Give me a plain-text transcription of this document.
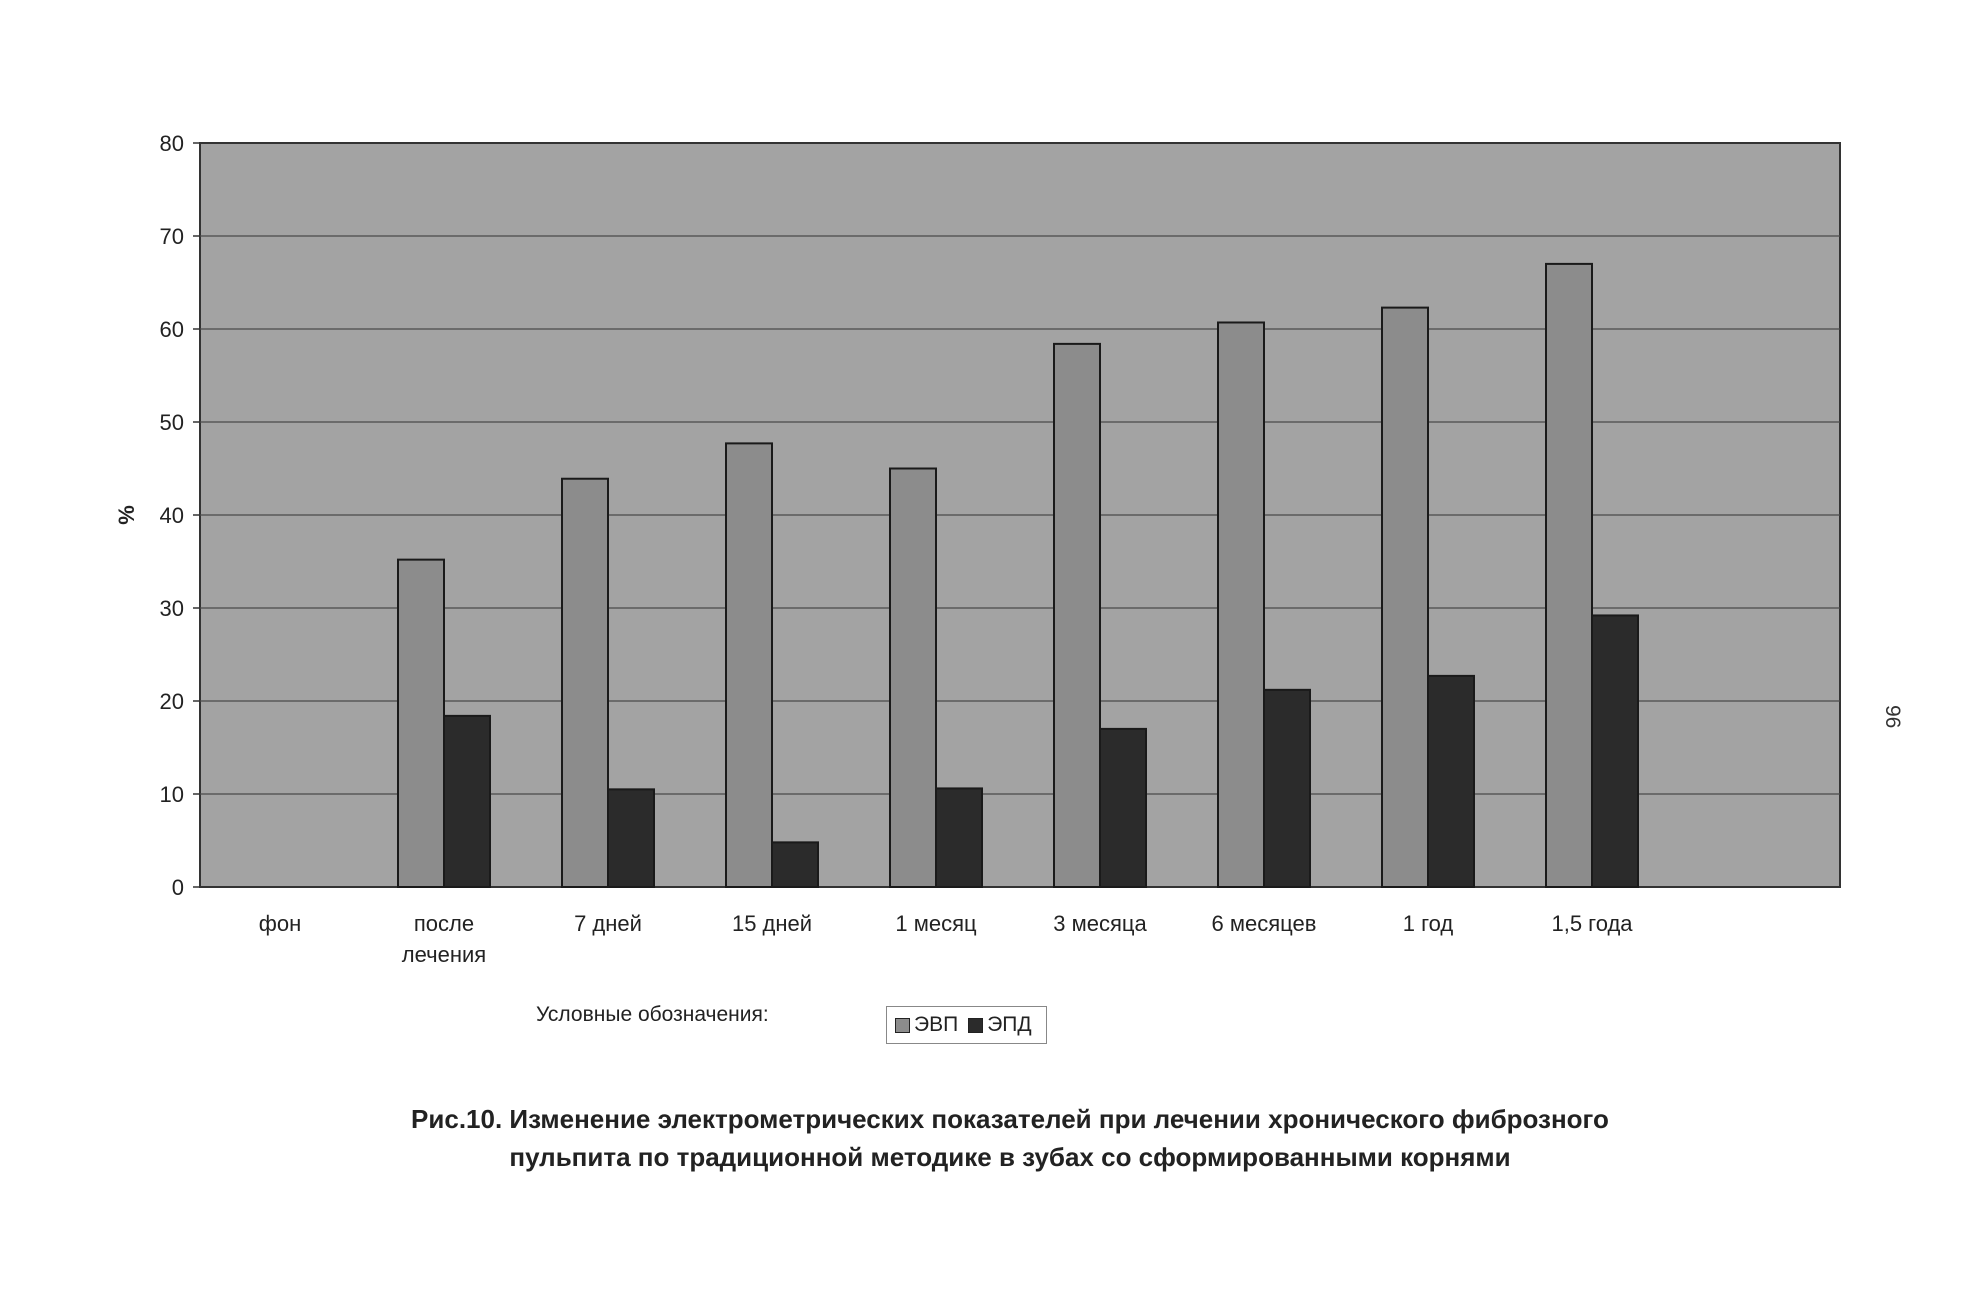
0
10
20
30
40
50
60
70
80
%
фон	после лечения
7 дней	15 дней	1 месяц	3 месяца	6 месяцев	1 год	1,5 года
Условные обозначения:	ЭВП ЭПД
Рис.10. Изменение электрометрических показателей при лечении хронического фиброзного
пульпита по традиционной методике в зубах со сформированными корнями
96
